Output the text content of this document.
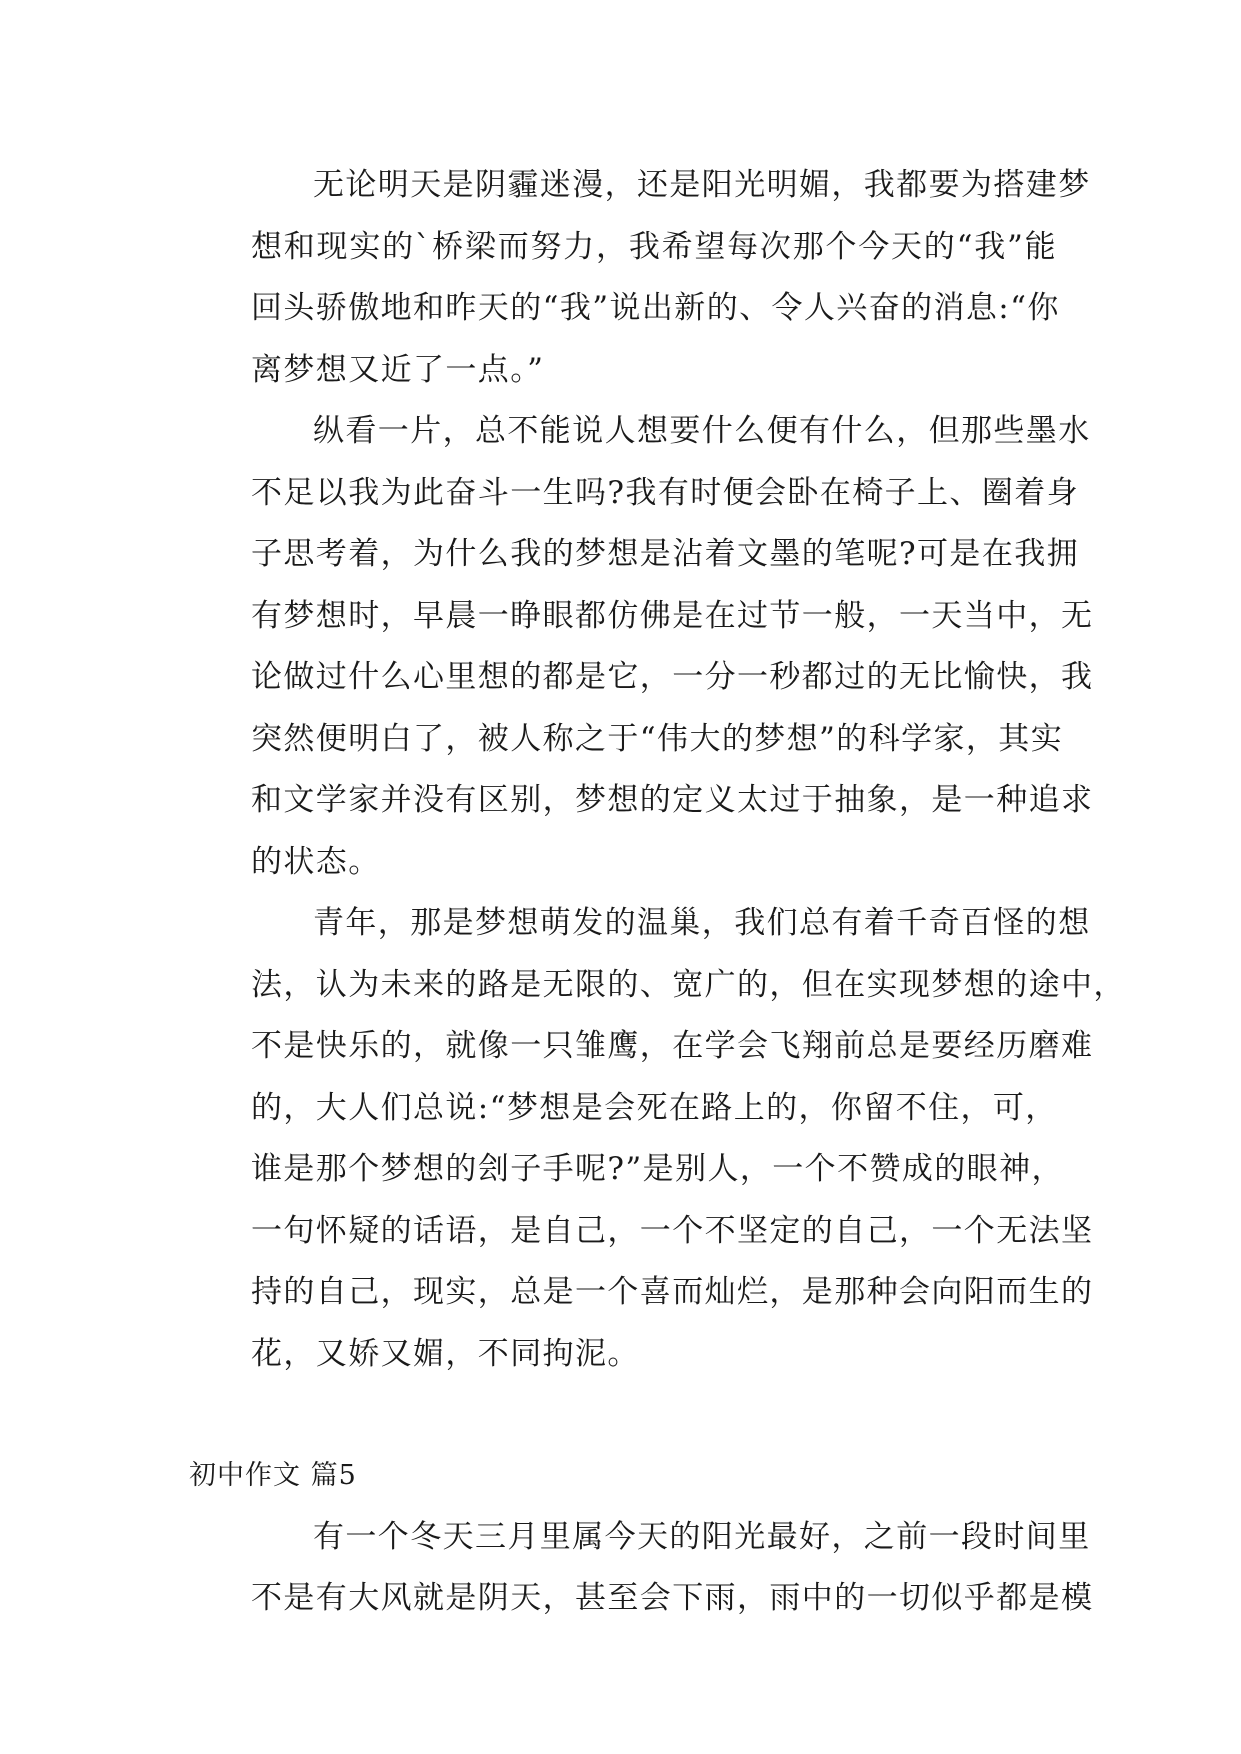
无论明天是阴霾迷漫，还是阳光明媚，我都要为搭建梦
想和现实的`桥梁而努力，我希望每次那个今天的“我”能
回头骄傲地和昨天的“我”说出新的、令人兴奋的消息:“你
离梦想又近了一点。”
纵看一片，总不能说人想要什么便有什么，但那些墨水
不足以我为此奋斗一生吗?我有时便会卧在椅子上、圈着身
子思考着，为什么我的梦想是沾着文墨的笔呢?可是在我拥
有梦想时，早晨一睁眼都仿佛是在过节一般，一天当中，无
论做过什么心里想的都是它，一分一秒都过的无比愉快，我
突然便明白了，被人称之于“伟大的梦想”的科学家，其实
和文学家并没有区别，梦想的定义太过于抽象，是一种追求
的状态。
青年，那是梦想萌发的温巢，我们总有着千奇百怪的想
法，认为未来的路是无限的、宽广的，但在实现梦想的途中，
不是快乐的，就像一只雏鹰，在学会飞翔前总是要经历磨难
的，大人们总说:“梦想是会死在路上的，你留不住，可，
谁是那个梦想的刽子手呢?”是别人，一个不赞成的眼神，
一句怀疑的话语，是自己，一个不坚定的自己，一个无法坚
持的自己，现实，总是一个喜而灿烂，是那种会向阳而生的
花，又娇又媚，不同拘泥。
初中作文 篇5
有一个冬天三月里属今天的阳光最好，之前一段时间里
不是有大风就是阴天，甚至会下雨，雨中的一切似乎都是模
